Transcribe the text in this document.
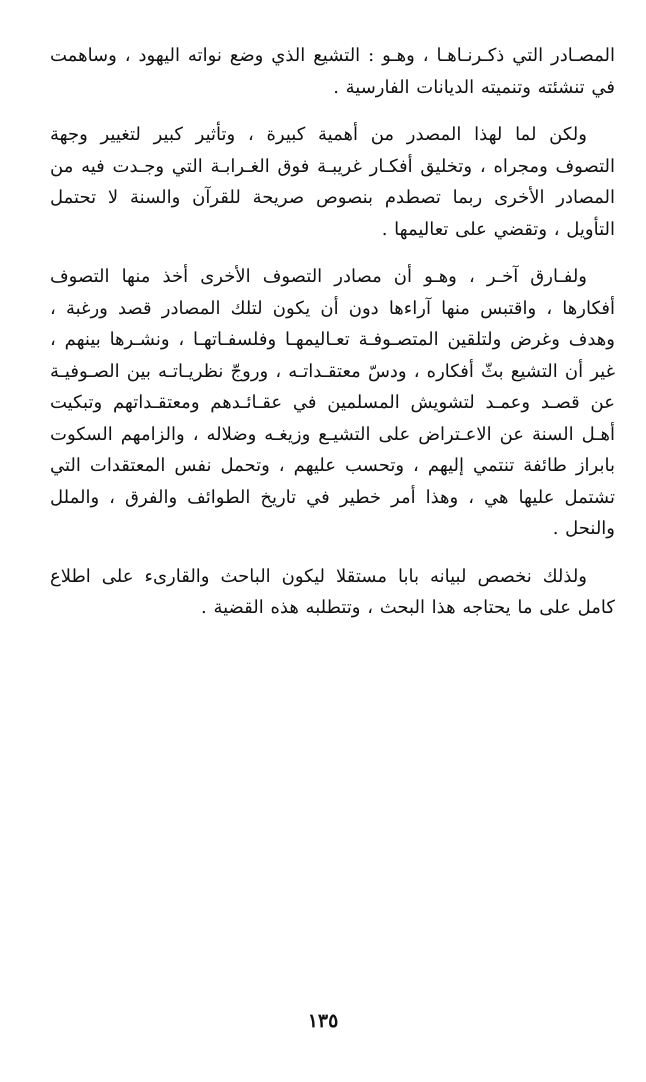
المصـادر التي ذكـرنـاهـا ، وهـو : التشيع الذي وضع نواته اليهود ، وساهمت في تنشئته وتنميته الديانات الفارسية .

ولكن لما لهذا المصدر من أهمية كبيرة ، وتأثير كبير لتغيير وجهة التصوف ومجراه ، وتخليق أفكـار غريبـة فوق الغـرابـة التي وجـدت فيه من المصادر الأخرى ربما تصطدم بنصوص صريحة للقرآن والسنة لا تحتمل التأويل ، وتقضي على تعاليمها .

ولفـارق آخـر ، وهـو أن مصادر التصوف الأخرى أخذ منها التصوف أفكارها ، واقتبس منها آراءها دون أن يكون لتلك المصادر قصد ورغبة ، وهدف وغرض ولتلقين المتصـوفـة تعـاليمهـا وفلسفـاتهـا ، ونشـرها بينهم ، غير أن التشيع بثّ أفكاره ، ودسّ معتقـداتـه ، وروجّ نظريـاتـه بين الصـوفيـة عن قصـد وعمـد لتشويش المسلمين في عقـائـدهم ومعتقـداتهم وتبكيت أهـل السنة عن الاعـتراض على التشيـع وزيغـه وضلاله ، والزامهم السكوت بابراز طائفة تنتمي إليهم ، وتحسب عليهم ، وتحمل نفس المعتقدات التي تشتمل عليها هي ، وهذا أمر خطير في تاريخ الطوائف والفرق ، والملل والنحل .

ولذلك نخصص لبيانه بابا مستقلا ليكون الباحث والقارىء على اطلاع كامل على ما يحتاجه هذا البحث ، وتتطلبه هذه القضية .

١٣٥
